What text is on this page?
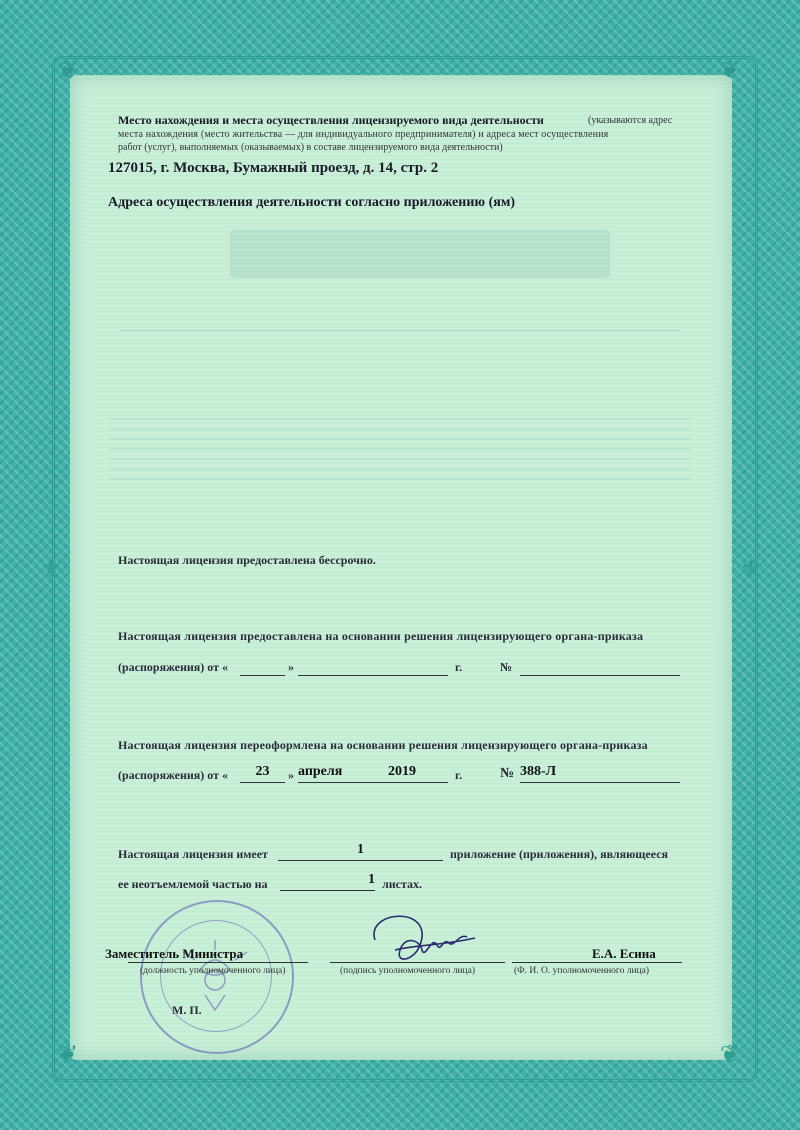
❦	❦
❦	❦
⚜	⚜
Место нахождения и места осуществления лицензируемого вида деятельности	(указываются адрес
места нахождения (место жительства — для индивидуального предпринимателя) и адреса мест осуществления
работ (услуг), выполняемых (оказываемых) в составе лицензируемого вида деятельности)
127015, г. Москва, Бумажный проезд, д. 14, стр. 2
Адреса осуществления деятельности согласно приложению (ям)
Настоящая лицензия предоставлена бессрочно.
Настоящая лицензия предоставлена на основании решения лицензирующего органа-приказа
(распоряжения) от «	»	г.	№
Настоящая лицензия переоформлена на основании решения лицензирующего органа-приказа
(распоряжения) от «	23	» апреля	2019	г.	№ 388-Л
Настоящая лицензия имеет	1	приложение (приложения), являющееся
ее неотъемлемой частью на	1 листах.
Заместитель Министра	Е.А. Есина
(должность уполномоченного лица)	(подпись уполномоченного лица)	(Ф. И. О. уполномоченного лица)
М. П.
